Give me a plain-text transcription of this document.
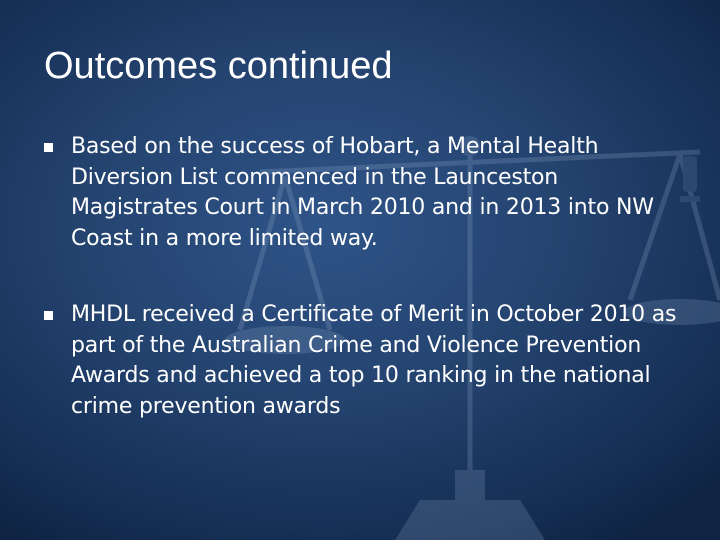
Outcomes continued
Based on the success of Hobart, a Mental Health Diversion List commenced in the Launceston Magistrates Court in March 2010 and in 2013 into NW Coast in a more limited way.
MHDL received a Certificate of Merit in October 2010 as part of the Australian Crime and Violence Prevention Awards and achieved a top 10 ranking in the national crime prevention awards
